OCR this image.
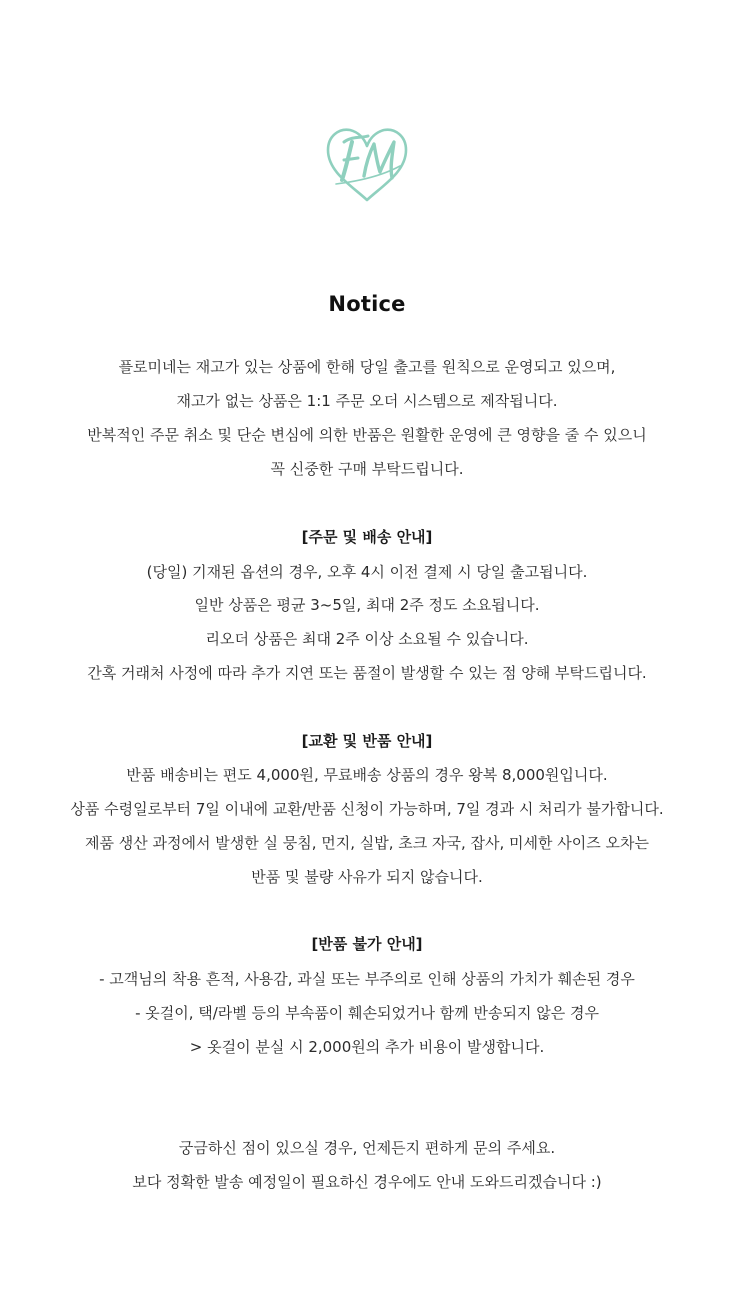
FM
Notice
플로미네는 재고가 있는 상품에 한해 당일 출고를 원칙으로 운영되고 있으며,
재고가 없는 상품은 1:1 주문 오더 시스템으로 제작됩니다.
반복적인 주문 취소 및 단순 변심에 의한 반품은 원활한 운영에 큰 영향을 줄 수 있으니
꼭 신중한 구매 부탁드립니다.
[주문 및 배송 안내]
(당일) 기재된 옵션의 경우, 오후 4시 이전 결제 시 당일 출고됩니다.
일반 상품은 평균 3~5일, 최대 2주 정도 소요됩니다.
리오더 상품은 최대 2주 이상 소요될 수 있습니다.
간혹 거래처 사정에 따라 추가 지연 또는 품절이 발생할 수 있는 점 양해 부탁드립니다.
[교환 및 반품 안내]
반품 배송비는 편도 4,000원, 무료배송 상품의 경우 왕복 8,000원입니다.
상품 수령일로부터 7일 이내에 교환/반품 신청이 가능하며, 7일 경과 시 처리가 불가합니다.
제품 생산 과정에서 발생한 실 뭉침, 먼지, 실밥, 초크 자국, 잡사, 미세한 사이즈 오차는
반품 및 불량 사유가 되지 않습니다.
[반품 불가 안내]
- 고객님의 착용 흔적, 사용감, 과실 또는 부주의로 인해 상품의 가치가 훼손된 경우
- 옷걸이, 택/라벨 등의 부속품이 훼손되었거나 함께 반송되지 않은 경우
> 옷걸이 분실 시 2,000원의 추가 비용이 발생합니다.
궁금하신 점이 있으실 경우, 언제든지 편하게 문의 주세요.
보다 정확한 발송 예정일이 필요하신 경우에도 안내 도와드리겠습니다 :)
